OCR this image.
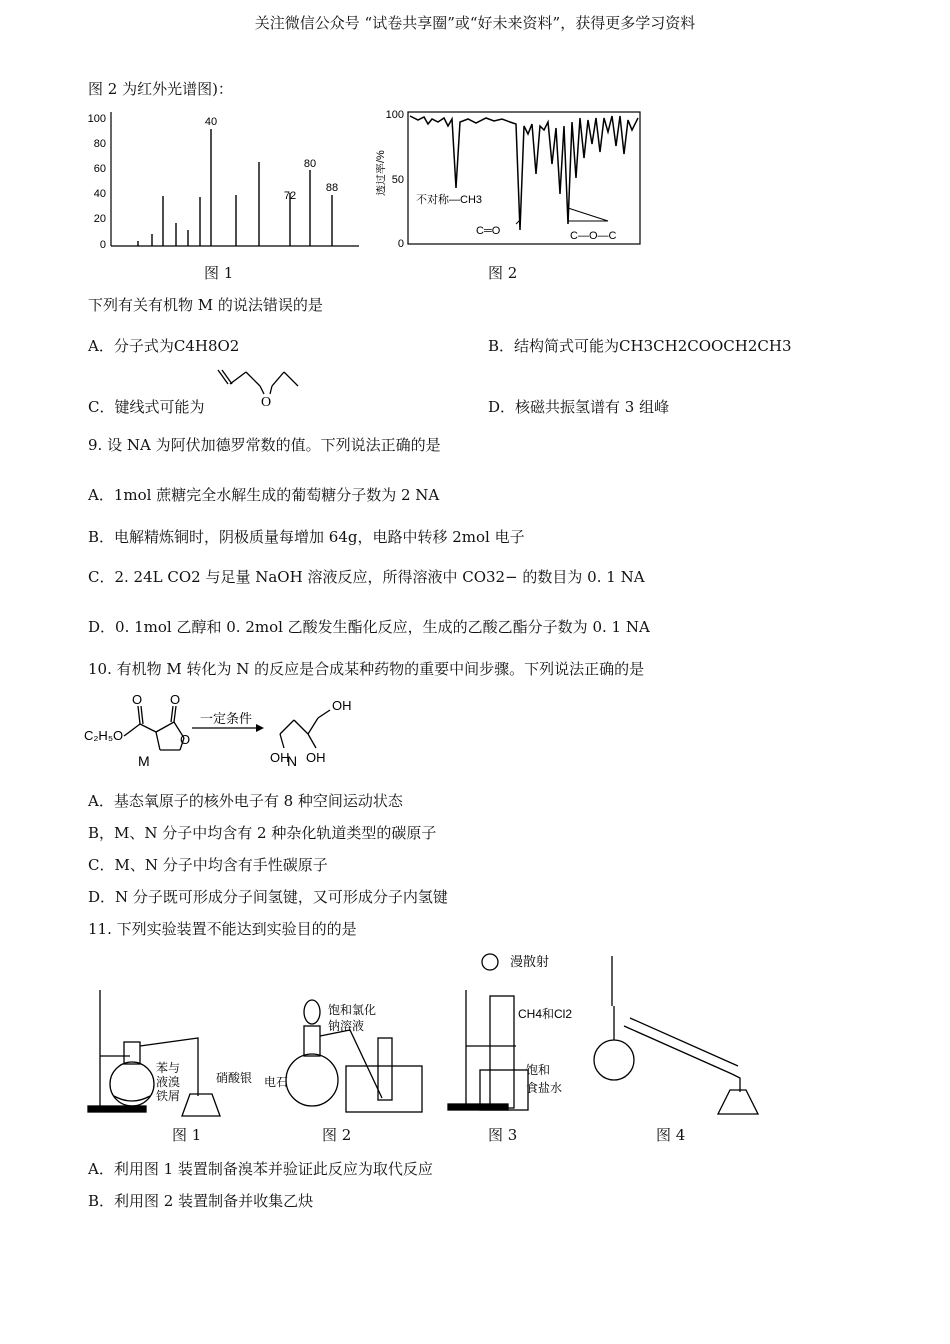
关注微信公众号 “试卷共享圈”或“好未来资料”，获得更多学习资料
图 2 为红外光谱图)：
100
80
60
40
20
0
40
72
80
88
图 1
透过率/%
100
50
0
不对称—CH3
C═O	C—O—C
图 2
下列有关有机物 M 的说法错误的是
A．分子式为C4H8O2	B．结构简式可能为CH3CH2COOCH2CH3
C．键线式可能为	O	D．核磁共振氢谱有 3 组峰
9. 设 NA 为阿伏加德罗常数的值。下列说法正确的是
A．1mol 蔗糖完全水解生成的葡萄糖分子数为 2 NA
B．电解精炼铜时，阴极质量每增加 64g，电路中转移 2mol 电子
C．2. 24L CO2 与足量 NaOH 溶液反应，所得溶液中 CO32− 的数目为 0. 1 NA
D．0. 1mol 乙醇和 0. 2mol 乙酸发生酯化反应，生成的乙酸乙酯分子数为 0. 1 NA
10. 有机物 M 转化为 N 的反应是合成某种药物的重要中间步骤。下列说法正确的是
C₂H₅O
O O
O
M
一定条件
OH
OH OH
N
A．基态氧原子的核外电子有 8 种空间运动状态
B，M、N 分子中均含有 2 种杂化轨道类型的碳原子
C．M、N 分子中均含有手性碳原子
D．N 分子既可形成分子间氢键，又可形成分子内氢键
11. 下列实验装置不能达到实验目的的是
苯与
液溴
铁屑
硝酸银
饱和氯化
钠溶液
电石
漫散射
CH4和Cl2
饱和
食盐水
图 1	图 2	图 3	图 4
A．利用图 1 装置制备溴苯并验证此反应为取代反应
B．利用图 2 装置制备并收集乙炔
